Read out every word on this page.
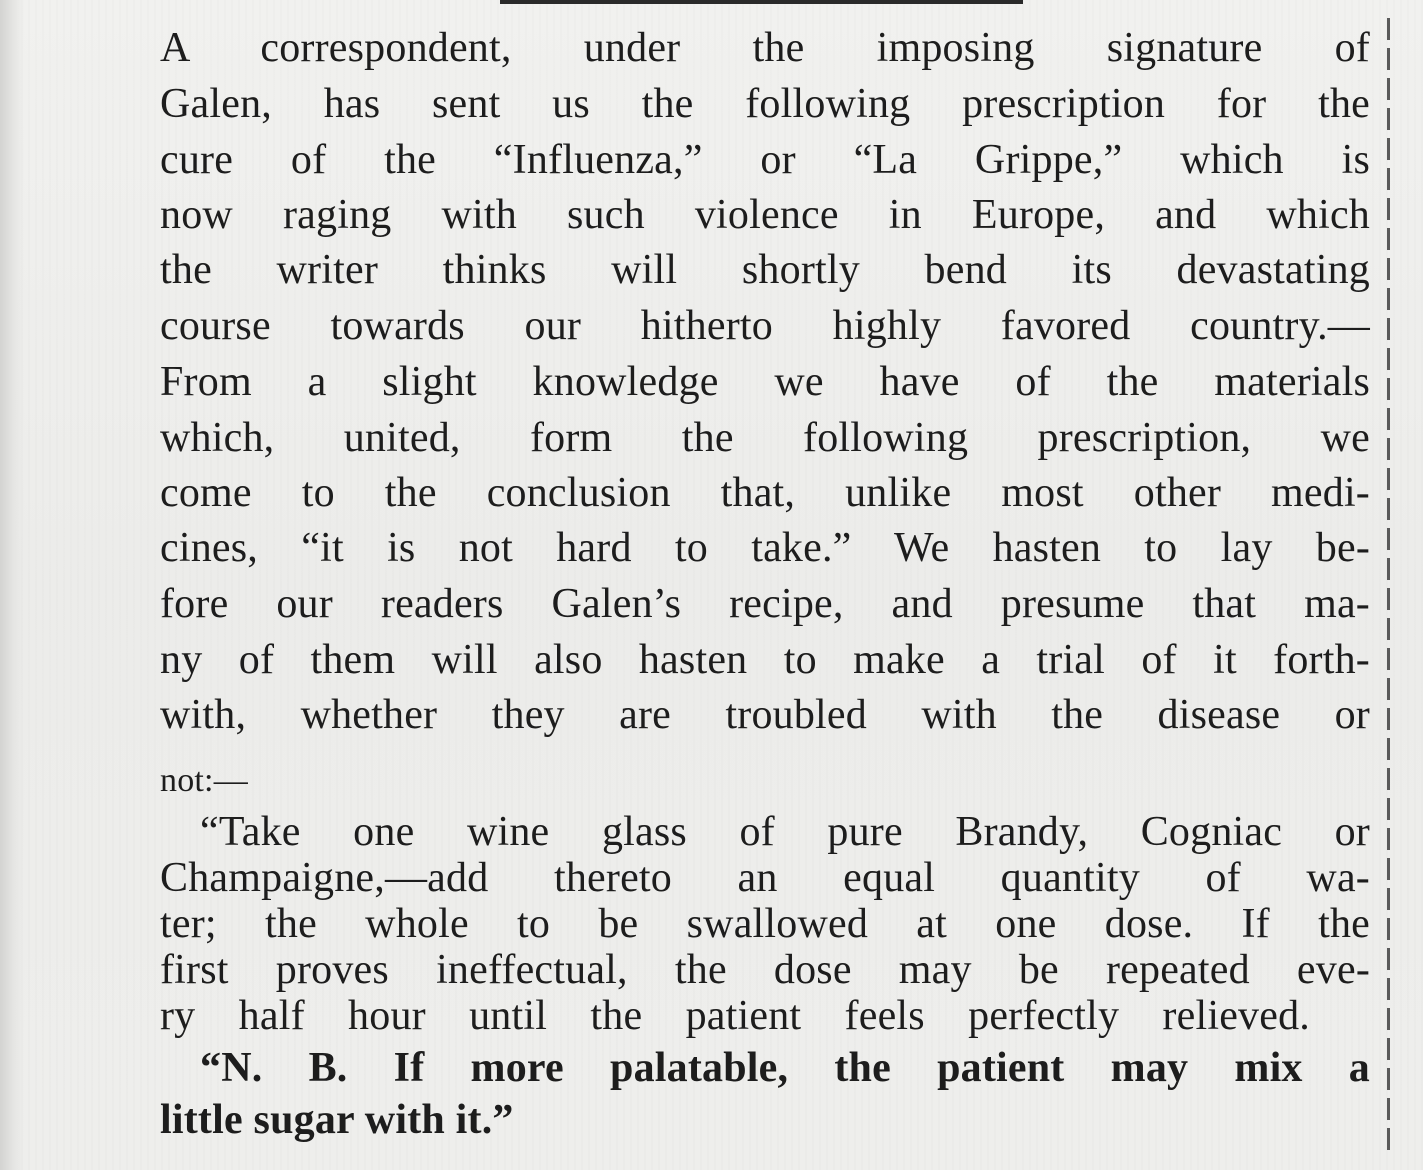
A correspondent, under the imposing signature of
Galen, has sent us the following prescription for the
cure of the “Influenza,” or “La Grippe,” which is
now raging with such violence in Europe, and which
the writer thinks will shortly bend its devastating
course towards our hitherto highly favored country.—
From a slight knowledge we have of the materials
which, united, form the following prescription, we
come to the conclusion that, unlike most other medi-
cines, “it is not hard to take.” We hasten to lay be-
fore our readers Galen’s recipe, and presume that ma-
ny of them will also hasten to make a trial of it forth-
with, whether they are troubled with the disease or
not:—
“Take one wine glass of pure Brandy, Cogniac or
Champaigne,—add thereto an equal quantity of wa-
ter; the whole to be swallowed at one dose. If the
first proves ineffectual, the dose may be repeated eve-
ry half hour until the patient feels perfectly relieved.
“N. B. If more palatable, the patient may mix a
little sugar with it.”
